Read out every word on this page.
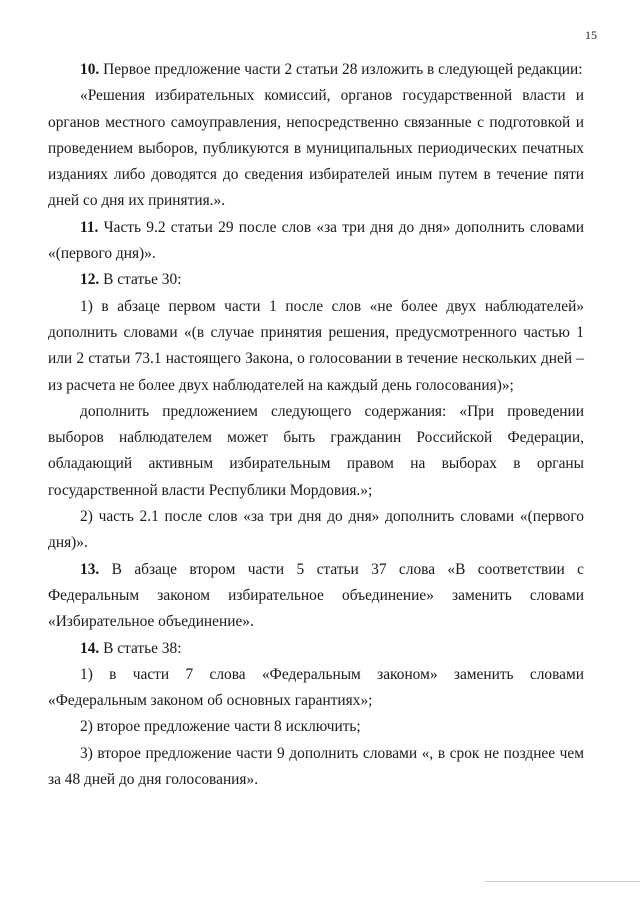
15

10. Первое предложение части 2 статьи 28 изложить в следующей редакции:

«Решения избирательных комиссий, органов государственной власти и органов местного самоуправления, непосредственно связанные с подготовкой и проведением выборов, публикуются в муниципальных периодических печатных изданиях либо доводятся до сведения избирателей иным путем в течение пяти дней со дня их принятия.».

11. Часть 9.2 статьи 29 после слов «за три дня до дня» дополнить словами «(первого дня)».

12. В статье 30:

1) в абзаце первом части 1 после слов «не более двух наблюдателей» дополнить словами «(в случае принятия решения, предусмотренного частью 1 или 2 статьи 73.1 настоящего Закона, о голосовании в течение нескольких дней – из расчета не более двух наблюдателей на каждый день голосования)»;

дополнить предложением следующего содержания: «При проведении выборов наблюдателем может быть гражданин Российской Федерации, обладающий активным избирательным правом на выборах в органы государственной власти Республики Мордовия.»;

2) часть 2.1 после слов «за три дня до дня» дополнить словами «(первого дня)».

13. В абзаце втором части 5 статьи 37 слова «В соответствии с Федеральным законом избирательное объединение» заменить словами «Избирательное объединение».

14. В статье 38:

1) в части 7 слова «Федеральным законом» заменить словами «Федеральным законом об основных гарантиях»;

2) второе предложение части 8 исключить;

3) второе предложение части 9 дополнить словами «, в срок не позднее чем за 48 дней до дня голосования».
